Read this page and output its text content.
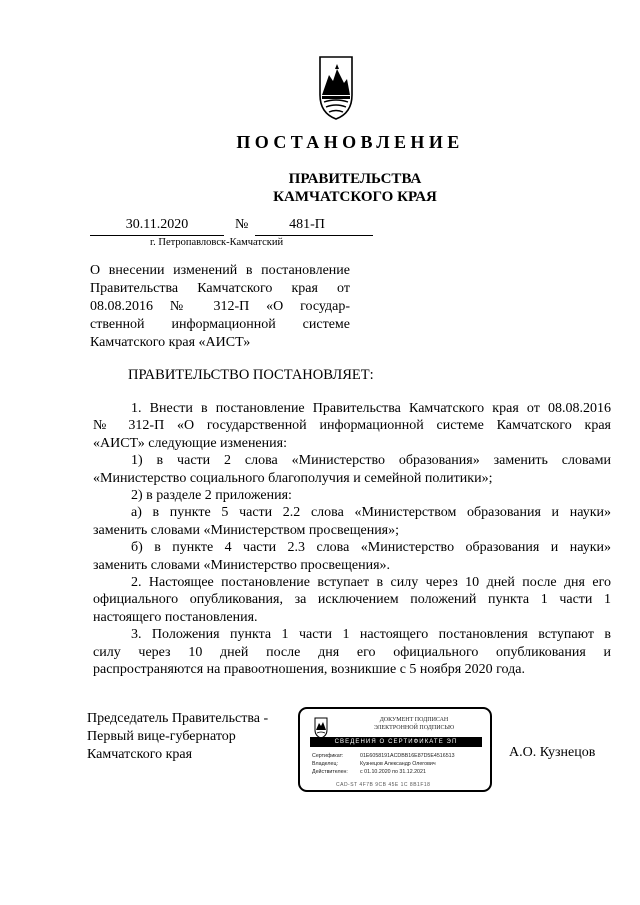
ПОСТАНОВЛЕНИЕ
ПРАВИТЕЛЬСТВА
КАМЧАТСКОГО КРАЯ
30.11.2020	№	481-П
г. Петропавловск-Камчатский
О внесении изменений в постановление
Правительства Камчатского края от
08.08.2016 № 312-П «О государ-
ственной информационной системе
Камчатского края «АИСТ»
ПРАВИТЕЛЬСТВО ПОСТАНОВЛЯЕТ:
1. Внести в постановление Правительства Камчатского края от 08.08.2016
№ 312-П «О государственной информационной системе Камчатского края
«АИСТ» следующие изменения:
1) в части 2 слова «Министерство образования» заменить словами
«Министерство социального благополучия и семейной политики»;
2) в разделе 2 приложения:
а) в пункте 5 части 2.2 слова «Министерством образования и науки»
заменить словами «Министерством просвещения»;
б) в пункте 4 части 2.3 слова «Министерство образования и науки»
заменить словами «Министерство просвещения».
2. Настоящее постановление вступает в силу через 10 дней после дня его
официального опубликования, за исключением положений пункта 1 части 1
настоящего постановления.
3. Положения пункта 1 части 1 настоящего постановления вступают в
силу через 10 дней после дня его официального опубликования и
распространяются на правоотношения, возникшие с 5 ноября 2020 года.
Председатель Правительства -
Первый вице-губернатор
Камчатского края	А.О. Кузнецов
ДОКУМЕНТ ПОДПИСАН
ЭЛЕКТРОННОЙ ПОДПИСЬЮ
СВЕДЕНИЯ О СЕРТИФИКАТЕ ЭП
Сертификат:	01E6058191ACDBB16E87D5E4516513
Владелец:	Кузнецов Александр Олегович
Действителен: с 01.10.2020 по 31.12.2021
CAD-ST 4F7B 9CB 45E 1C 8B1F18
